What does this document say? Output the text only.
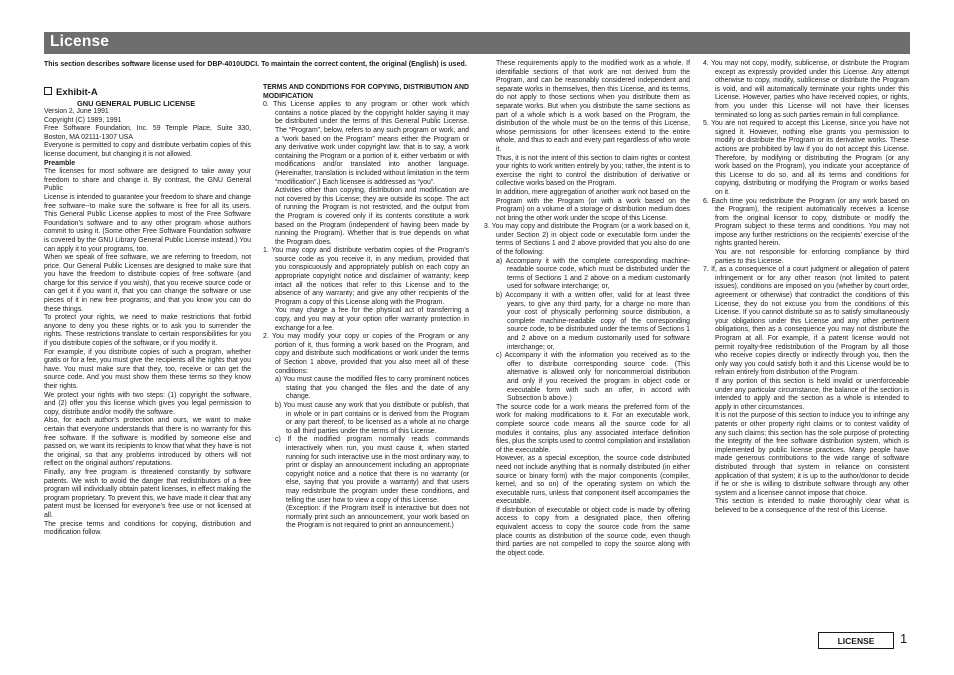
License

This section describes software license used for DBP-4010UDCI. To maintain the correct content, the original (English) is used.

Exhibit-A

GNU GENERAL PUBLIC LICENSE

Version 2, June 1991

Copyright (C) 1989, 1991

Free Software Foundation, Inc. 59 Temple Place, Suite 330, Boston, MA 02111-1307 USA

Everyone is permitted to copy and distribute verbatim copies of this license document, but changing it is not allowed.

Preamble

The licenses for most software are designed to take away your freedom to share and change it. By contrast, the GNU General Public

License is intended to guarantee your freedom to share and change free software--to make sure the software is free for all its users. This General Public License applies to most of the Free Software Foundation’s software and to any other program whose authors commit to using it. (Some other Free Software Foundation software is covered by the GNU Library General Public License instead.) You can apply it to your programs, too.

When we speak of free software, we are referring to freedom, not price. Our General Public Licenses are designed to make sure that you have the freedom to distribute copies of free software (and charge for this service if you wish), that you receive source code or can get it if you want it, that you can change the software or use pieces of it in new free programs; and that you know you can do these things.

To protect your rights, we need to make restrictions that forbid anyone to deny you these rights or to ask you to surrender the rights. These restrictions translate to certain responsibilities for you if you distribute copies of the software, or if you modify it.

For example, if you distribute copies of such a program, whether gratis or for a fee, you must give the recipients all the rights that you have. You must make sure that they, too, receive or can get the source code. And you must show them these terms so they know their rights.

We protect your rights with two steps: (1) copyright the software, and (2) offer you this license which gives you legal permission to copy, distribute and/or modify the software.

Also, for each author’s protection and ours, we want to make certain that everyone understands that there is no warranty for this free software. If the software is modified by someone else and passed on, we want its recipients to know that what they have is not the original, so that any problems introduced by others will not reflect on the original authors’ reputations.

Finally, any free program is threatened constantly by software patents. We wish to avoid the danger that redistributors of a free program will individually obtain patent licenses, in effect making the program proprietary. To prevent this, we have made it clear that any patent must be licensed for everyone’s free use or not licensed at all.

The precise terms and conditions for copying, distribution and modification follow.

TERMS AND CONDITIONS FOR COPYING, DISTRIBUTION AND MODIFICATION

0. This License applies to any program or other work which contains a notice placed by the copyright holder saying it may be distributed under the terms of this General Public License. The “Program”, below, refers to any such program or work, and a “work based on the Program” means either the Program or any derivative work under copyright law: that is to say, a work containing the Program or a portion of it, either verbatim or with modifications and/or translated into another language. (Hereinafter, translation is included without limitation in the term “modification”.) Each licensee is addressed as “you”.

Activities other than copying, distribution and modification are not covered by this License; they are outside its scope. The act of running the Program is not restricted, and the output from the Program is covered only if its contents constitute a work based on the Program (independent of having been made by running the Program). Whether that is true depends on what the Program does.

1. You may copy and distribute verbatim copies of the Program’s source code as you receive it, in any medium, provided that you conspicuously and appropriately publish on each copy an appropriate copyright notice and disclaimer of warranty; keep intact all the notices that refer to this License and to the absence of any warranty; and give any other recipients of the Program a copy of this License along with the Program.

You may charge a fee for the physical act of transferring a copy, and you may at your option offer warranty protection in exchange for a fee.

2. You may modify your copy or copies of the Program or any portion of it, thus forming a work based on the Program, and copy and distribute such modifications or work under the terms of Section 1 above, provided that you also meet all of these conditions:

a) You must cause the modified files to carry prominent notices stating that you changed the files and the date of any change.

b) You must cause any work that you distribute or publish, that in whole or in part contains or is derived from the Program or any part thereof, to be licensed as a whole at no charge to all third parties under the terms of this License.

c) If the modified program normally reads commands interactively when run, you must cause it, when started running for such interactive use in the most ordinary way, to print or display an announcement including an appropriate copyright notice and a notice that there is no warranty (or else, saying that you provide a warranty) and that users may redistribute the program under these conditions, and telling the user how to view a copy of this License.

(Exception: if the Program itself is interactive but does not normally print such an announcement, your work based on the Program is not required to print an announcement.)

These requirements apply to the modified work as a whole. If identifiable sections of that work are not derived from the Program, and can be reasonably considered independent and separate works in themselves, then this License, and its terms, do not apply to those sections when you distribute them as separate works. But when you distribute the same sections as part of a whole which is a work based on the Program, the distribution of the whole must be on the terms of this License, whose permissions for other licensees extend to the entire whole, and thus to each and every part regardless of who wrote it.

Thus, it is not the intent of this section to claim rights or contest your rights to work written entirely by you; rather, the intent is to exercise the right to control the distribution of derivative or collective works based on the Program.

In addition, mere aggregation of another work not based on the Program with the Program (or with a work based on the Program) on a volume of a storage or distribution medium does not bring the other work under the scope of this License.

3. You may copy and distribute the Program (or a work based on it, under Section 2) in object code or executable form under the terms of Sections 1 and 2 above provided that you also do one of the following:

a) Accompany it with the complete corresponding machine-readable source code, which must be distributed under the terms of Sections 1 and 2 above on a medium customarily used for software interchange; or,

b) Accompany it with a written offer, valid for at least three years, to give any third party, for a charge no more than your cost of physically performing source distribution, a complete machine-readable copy of the corresponding source code, to be distributed under the terms of Sections 1 and 2 above on a medium customarily used for software interchange; or,

c) Accompany it with the information you received as to the offer to distribute corresponding source code. (This alternative is allowed only for noncommercial distribution and only if you received the program in object code or executable form with such an offer, in accord with Subsection b above.)

The source code for a work means the preferred form of the work for making modifications to it. For an executable work, complete source code means all the source code for all modules it contains, plus any associated interface definition files, plus the scripts used to control compilation and installation of the executable.

However, as a special exception, the source code distributed need not include anything that is normally distributed (in either source or binary form) with the major components (compiler, kernel, and so on) of the operating system on which the executable runs, unless that component itself accompanies the executable.

If distribution of executable or object code is made by offering access to copy from a designated place, then offering equivalent access to copy the source code from the same place counts as distribution of the source code, even though third parties are not compelled to copy the source along with the object code.

4. You may not copy, modify, sublicense, or distribute the Program except as expressly provided under this License. Any attempt otherwise to copy, modify, sublicense or distribute the Program is void, and will automatically terminate your rights under this License. However, parties who have received copies, or rights, from you under this License will not have their licenses terminated so long as such parties remain in full compliance.

5. You are not required to accept this License, since you have not signed it. However, nothing else grants you permission to modify or distribute the Program or its derivative works. These actions are prohibited by law if you do not accept this License. Therefore, by modifying or distributing the Program (or any work based on the Program), you indicate your acceptance of this License to do so, and all its terms and conditions for copying, distributing or modifying the Program or works based on it.

6. Each time you redistribute the Program (or any work based on the Program), the recipient automatically receives a license from the original licensor to copy, distribute or modify the Program subject to these terms and conditions. You may not impose any further restrictions on the recipients’ exercise of the rights granted herein.

You are not responsible for enforcing compliance by third parties to this License.

7. If, as a consequence of a court judgment or allegation of patent infringement or for any other reason (not limited to patent issues), conditions are imposed on you (whether by court order, agreement or otherwise) that contradict the conditions of this License, they do not excuse you from the conditions of this License. If you cannot distribute so as to satisfy simultaneously your obligations under this License and any other pertinent obligations, then as a consequence you may not distribute the Program at all. For example, if a patent license would not permit royalty-free redistribution of the Program by all those who receive copies directly or indirectly through you, then the only way you could satisfy both it and this License would be to refrain entirely from distribution of the Program.

If any portion of this section is held invalid or unenforceable under any particular circumstance, the balance of the section is intended to apply and the section as a whole is intended to apply in other circumstances.

It is not the purpose of this section to induce you to infringe any patents or other property right claims or to contest validity of any such claims; this section has the sole purpose of protecting the integrity of the free software distribution system, which is implemented by public license practices. Many people have made generous contributions to the wide range of software distributed through that system in reliance on consistent application of that system; it is up to the author/donor to decide if he or she is willing to distribute software through any other system and a licensee cannot impose that choice.

This section is intended to make thoroughly clear what is believed to be a consequence of the rest of this License.

LICENSE	1
